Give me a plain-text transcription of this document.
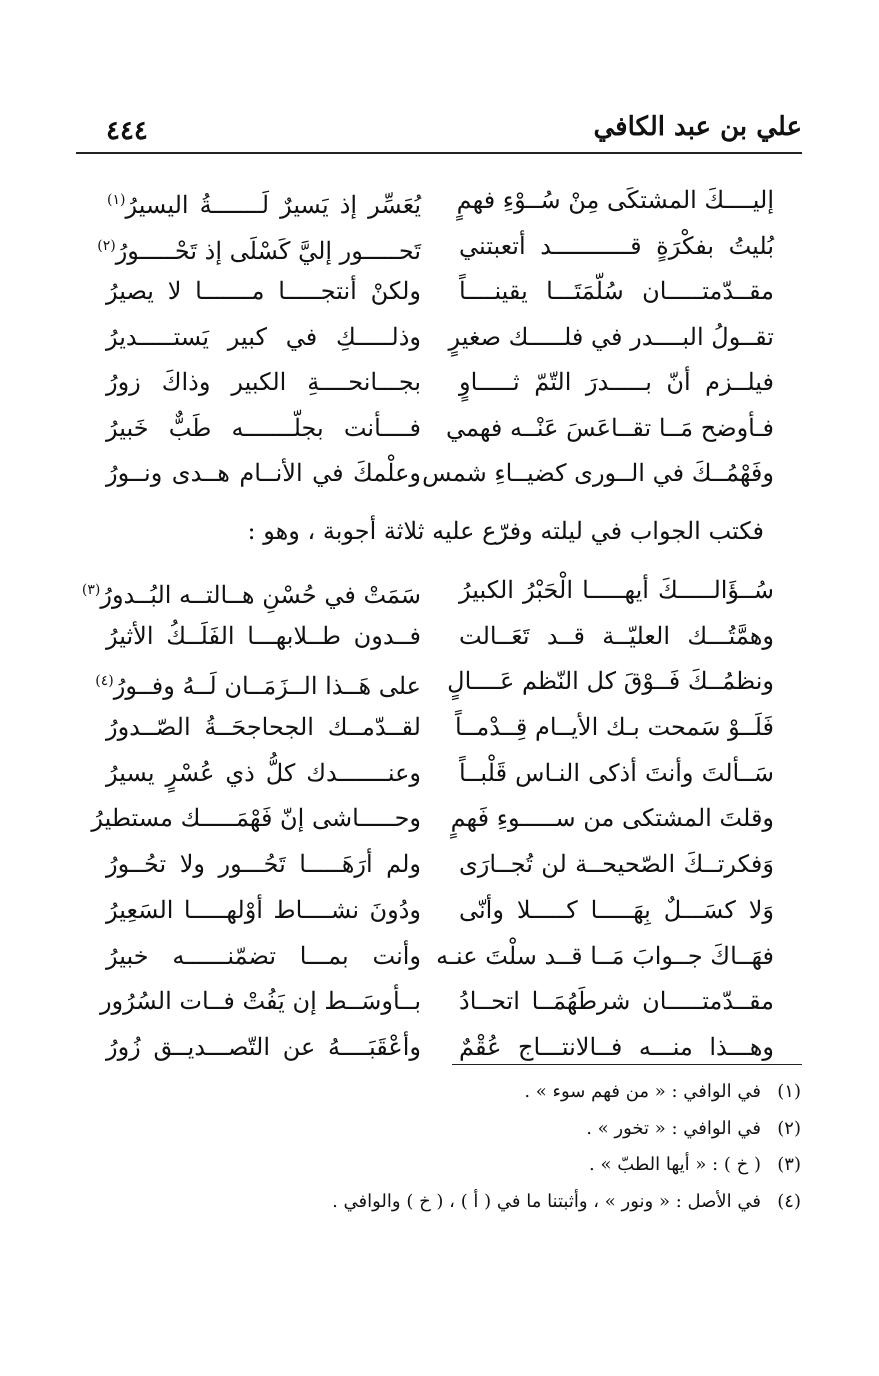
علي بن عبد الكافي
٤٤٤
إليــــكَ المشتكَى مِنْ سُــوْءِ فهمٍ
يُعَسِّر إذ يَسيرٌ لَـــــــةُ اليسيرُ$^{(١)}$
بُليتُ بفكْرَةٍ قـــــــــــد أتعبتني
تَحـــــور إليَّ كَسْلَى إذ تَحْـــــورُ$^{(٢)}$
مقــدّمتـــــان سُلّمَتَـــا يقينــــاً
ولكنْ أنتجـــــا مـــــــا لا يصيرُ
تقــولُ البــــدر في فلـــــك صغيرٍ
وذلـــــكِ في كبير يَستـــــديرُ
فيلــزم أنّ بـــــدرَ التّمّ ثـــــاوٍ
بجـــانحــــةِ الكبير وذاكَ زورُ
فـأوضح مَــا تقــاعَسَ عَنْــه فهمي
فــــأنت بجلّـــــــه طَبٌّ خَبيرُ
وفَهْمُــكَ في الــورى كضيــاءِ شمس
وعلْمكَ في الأنــام هــدى ونــورُ
فكتب الجواب في ليلته وفرّع عليه ثلاثة أجوبة ، وهو :
سُــؤَالـــــكَ أيهـــــا الْحَبْرُ الكبيرُ
سَمَتْ في حُسْنِ هــالتــه البُــدورُ$^{(٣)}$
وهمَّتُـــك العليّــة قــد تَعَــالت
فــدون طــلابهـــا الفَلَــكُ الأثيرُ
ونظمُــكَ فَــوْقَ كل النّظم عَــــالٍ
على هَــذا الــزَمَــان لَــهُ وفــورُ$^{(٤)}$
فَلَــوْ سَمحت بـك الأيــام قِــدْمــاً
لقــدّمــك الجحاجحَــةُ الصّــدورُ
سَــألتَ وأنتَ أذكى النـاس قَلْبــاً
وعنـــــــدك كلُّ ذي عُسْرٍ يسيرُ
وقلتَ المشتكى من ســـــوءِ فَهمٍ
وحـــــاشى إنّ فَهْمَـــــك مستطيرُ
وَفكرتــكَ الصّحيحــة لن تُجــارَى
ولم أرَهَـــــا تَحُـــور ولا تحُــورُ
وَلا كسَـــلٌ بِهَـــــا كـــــلا وأنّى
ودُونَ نشــــاط أوْلهـــــا السَعِيرُ
فهَــاكَ جــوابَ مَــا قــد سلْتَ عنـه
وأنت بمـــا تضمّنــــــه خبيرُ
مقــدّمتـــــان شرطَهُمَــا اتحــادُ
بــأوسَــط إن يَفُتْ فــات السُرُور
وهـــذا منـــه فــالانتـــاج عُقْمٌ
وأعْقَبَــــهُ عن التّصـــديــق زُورُ
(١)في الوافي : « من فهم سوء » .
(٢)في الوافي : « تخور » .
(٣)( خ ) : « أيها الطبّ » .
(٤)في الأصل : « ونور » ، وأثبتنا ما في ( أ ) ، ( خ ) والوافي .
